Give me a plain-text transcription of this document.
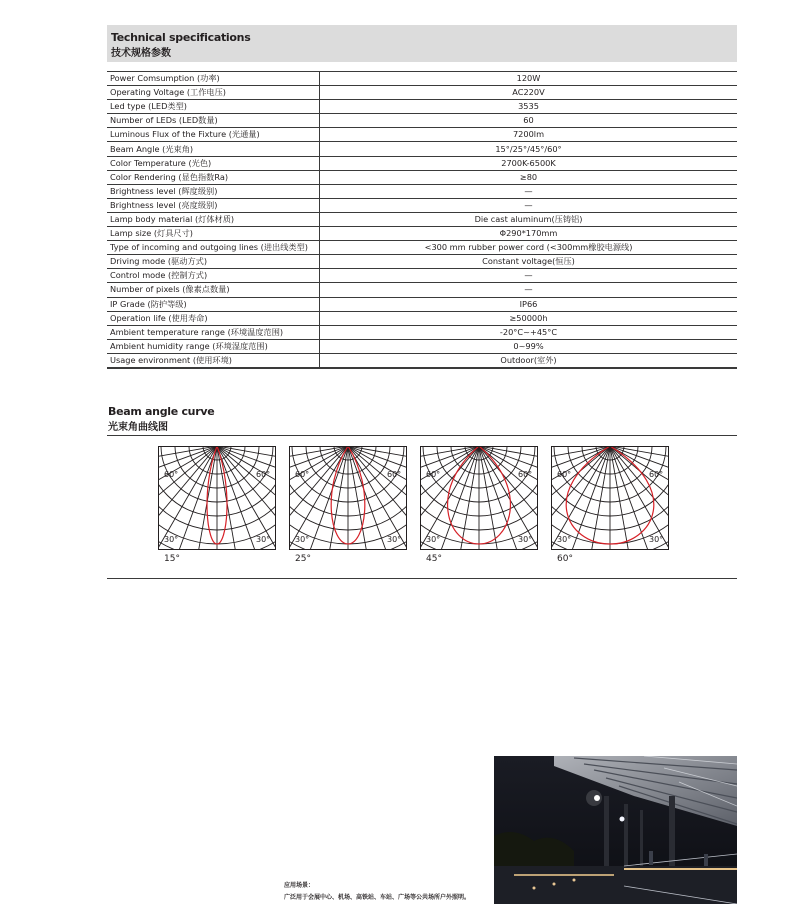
Technical specifications
技术规格参数
Power Comsumption (功率)	120W
Operating Voltage (工作电压)	AC220V
Led type (LED类型)	3535
Number of LEDs (LED数量)	60
Luminous Flux of the Fixture (光通量)	7200lm
Beam Angle (光束角)	15°/25°/45°/60°
Color Temperature (光色)	2700K-6500K
Color Rendering (显色指数Ra)	≥80
Brightness level (辉度级别)	—
Brightness level (亮度级别)	—
Lamp body material (灯体材质)	Die cast aluminum(压铸铝)
Lamp size (灯具尺寸)	Φ290*170mm
Type of incoming and outgoing lines (进出线类型)	<300 mm rubber power cord (<300mm橡胶电源线)
Driving mode (驱动方式)	Constant voltage(恒压)
Control mode (控制方式)	—
Number of pixels (像素点数量)	—
IP Grade (防护等级)	IP66
Operation life (使用寿命)	≥50000h
Ambient temperature range (环境温度范围)	-20°C~+45°C
Ambient humidity range (环境湿度范围)	0~99%
Usage environment (使用环境)	Outdoor(室外)
Beam angle curve
光束角曲线图
60°	60°
30°	30°
15°
60°	60°
30°	30°
25°
60°	60°
30°	30°
45°
60°	60°
30°	30°
60°
应用场景：
广泛用于会展中心、机场、高铁站、车站、广场等公共场所户外照明。
